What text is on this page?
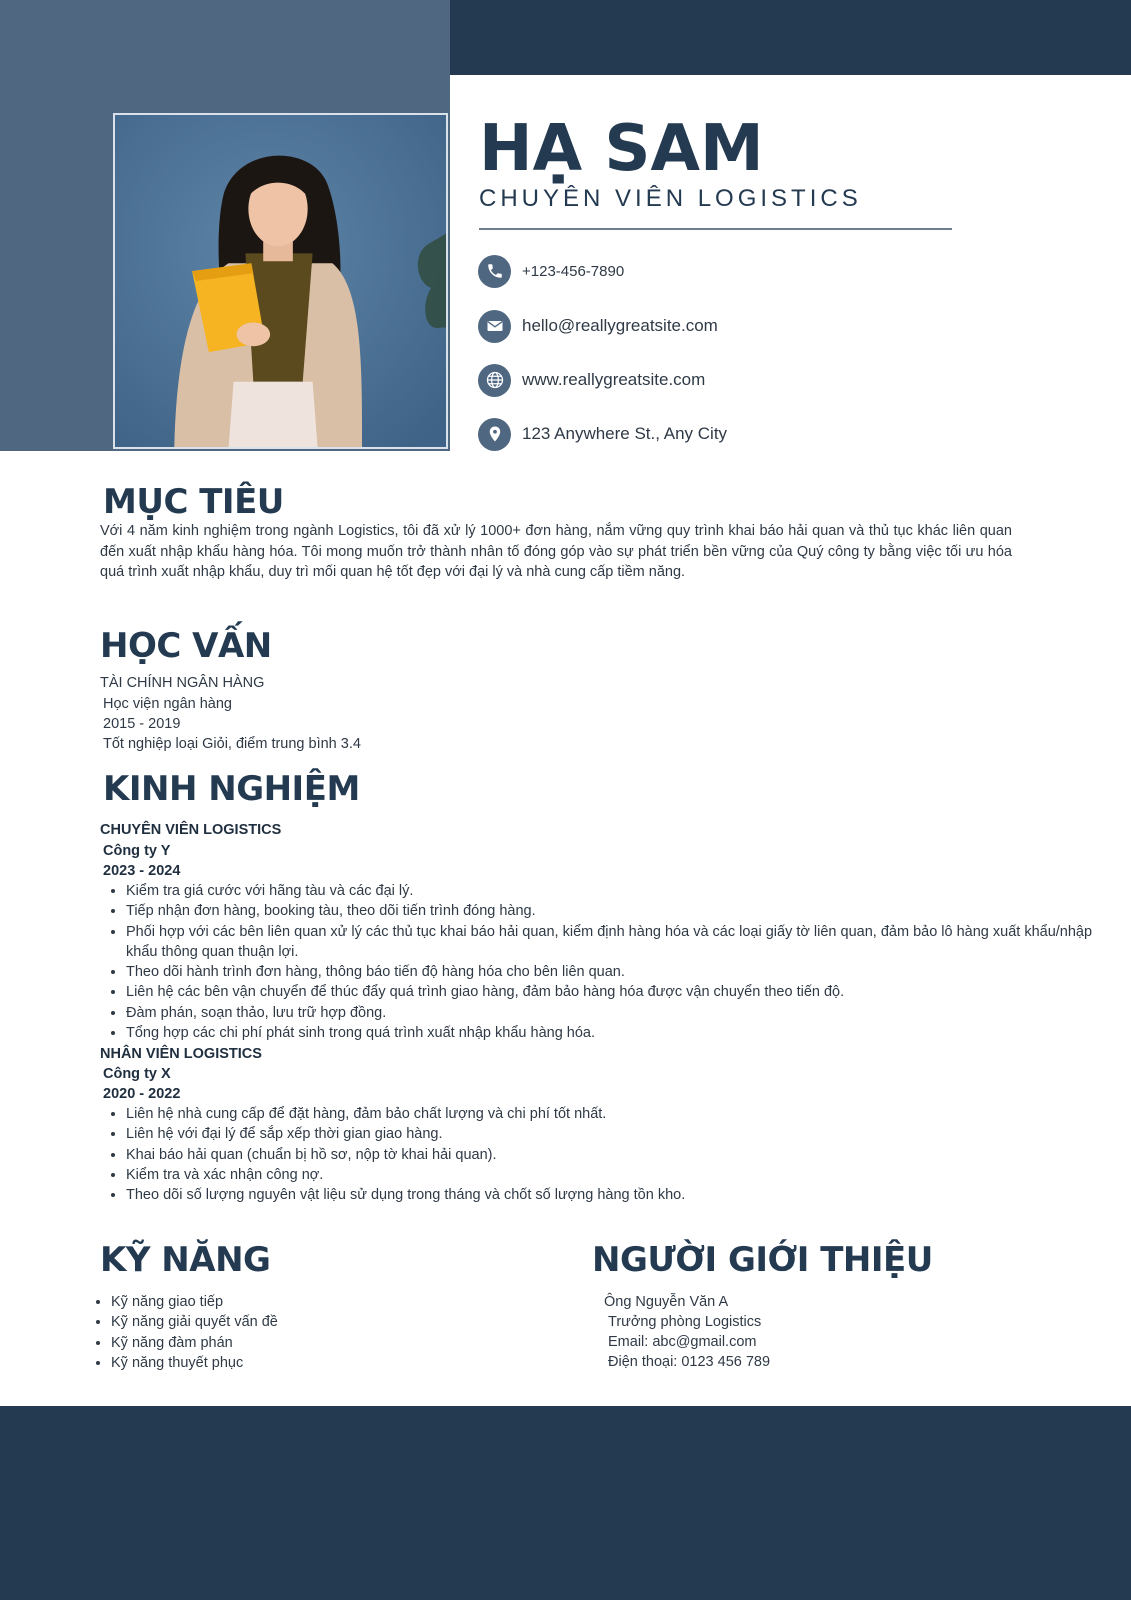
HẠ SAM
CHUYÊN VIÊN LOGISTICS
+123-456-7890
hello@reallygreatsite.com
www.reallygreatsite.com
123 Anywhere St., Any City
MỤC TIÊU
Với 4 năm kinh nghiệm trong ngành Logistics, tôi đã xử lý 1000+ đơn hàng, nắm vững quy trình khai báo hải quan và thủ tục khác liên quan đến xuất nhập khẩu hàng hóa. Tôi mong muốn trở thành nhân tố đóng góp vào sự phát triển bền vững của Quý công ty bằng việc tối ưu hóa quá trình xuất nhập khẩu, duy trì mối quan hệ tốt đẹp với đại lý và nhà cung cấp tiềm năng.
HỌC VẤN
TÀI CHÍNH NGÂN HÀNG
Học viện ngân hàng
2015 - 2019
Tốt nghiệp loại Giỏi, điểm trung bình 3.4
KINH NGHIỆM
CHUYÊN VIÊN LOGISTICS
Công ty Y
2023 - 2024
• Kiểm tra giá cước với hãng tàu và các đại lý.
• Tiếp nhận đơn hàng, booking tàu, theo dõi tiến trình đóng hàng.
• Phối hợp với các bên liên quan xử lý các thủ tục khai báo hải quan, kiểm định hàng hóa và các loại giấy tờ liên quan, đảm bảo lô hàng xuất khẩu/nhập khẩu thông quan thuận lợi.
• Theo dõi hành trình đơn hàng, thông báo tiến độ hàng hóa cho bên liên quan.
• Liên hệ các bên vận chuyển để thúc đẩy quá trình giao hàng, đảm bảo hàng hóa được vận chuyển theo tiến độ.
• Đàm phán, soạn thảo, lưu trữ hợp đồng.
• Tổng hợp các chi phí phát sinh trong quá trình xuất nhập khẩu hàng hóa.
NHÂN VIÊN LOGISTICS
Công ty X
2020 - 2022
• Liên hệ nhà cung cấp để đặt hàng, đảm bảo chất lượng và chi phí tốt nhất.
• Liên hệ với đại lý để sắp xếp thời gian giao hàng.
• Khai báo hải quan (chuẩn bị hồ sơ, nộp tờ khai hải quan).
• Kiểm tra và xác nhận công nợ.
• Theo dõi số lượng nguyên vật liệu sử dụng trong tháng và chốt số lượng hàng tồn kho.
KỸ NĂNG
• Kỹ năng giao tiếp
• Kỹ năng giải quyết vấn đề
• Kỹ năng đàm phán
• Kỹ năng thuyết phục
NGƯỜI GIỚI THIỆU
Ông Nguyễn Văn A
Trưởng phòng Logistics
Email: abc@gmail.com
Điện thoại: 0123 456 789
